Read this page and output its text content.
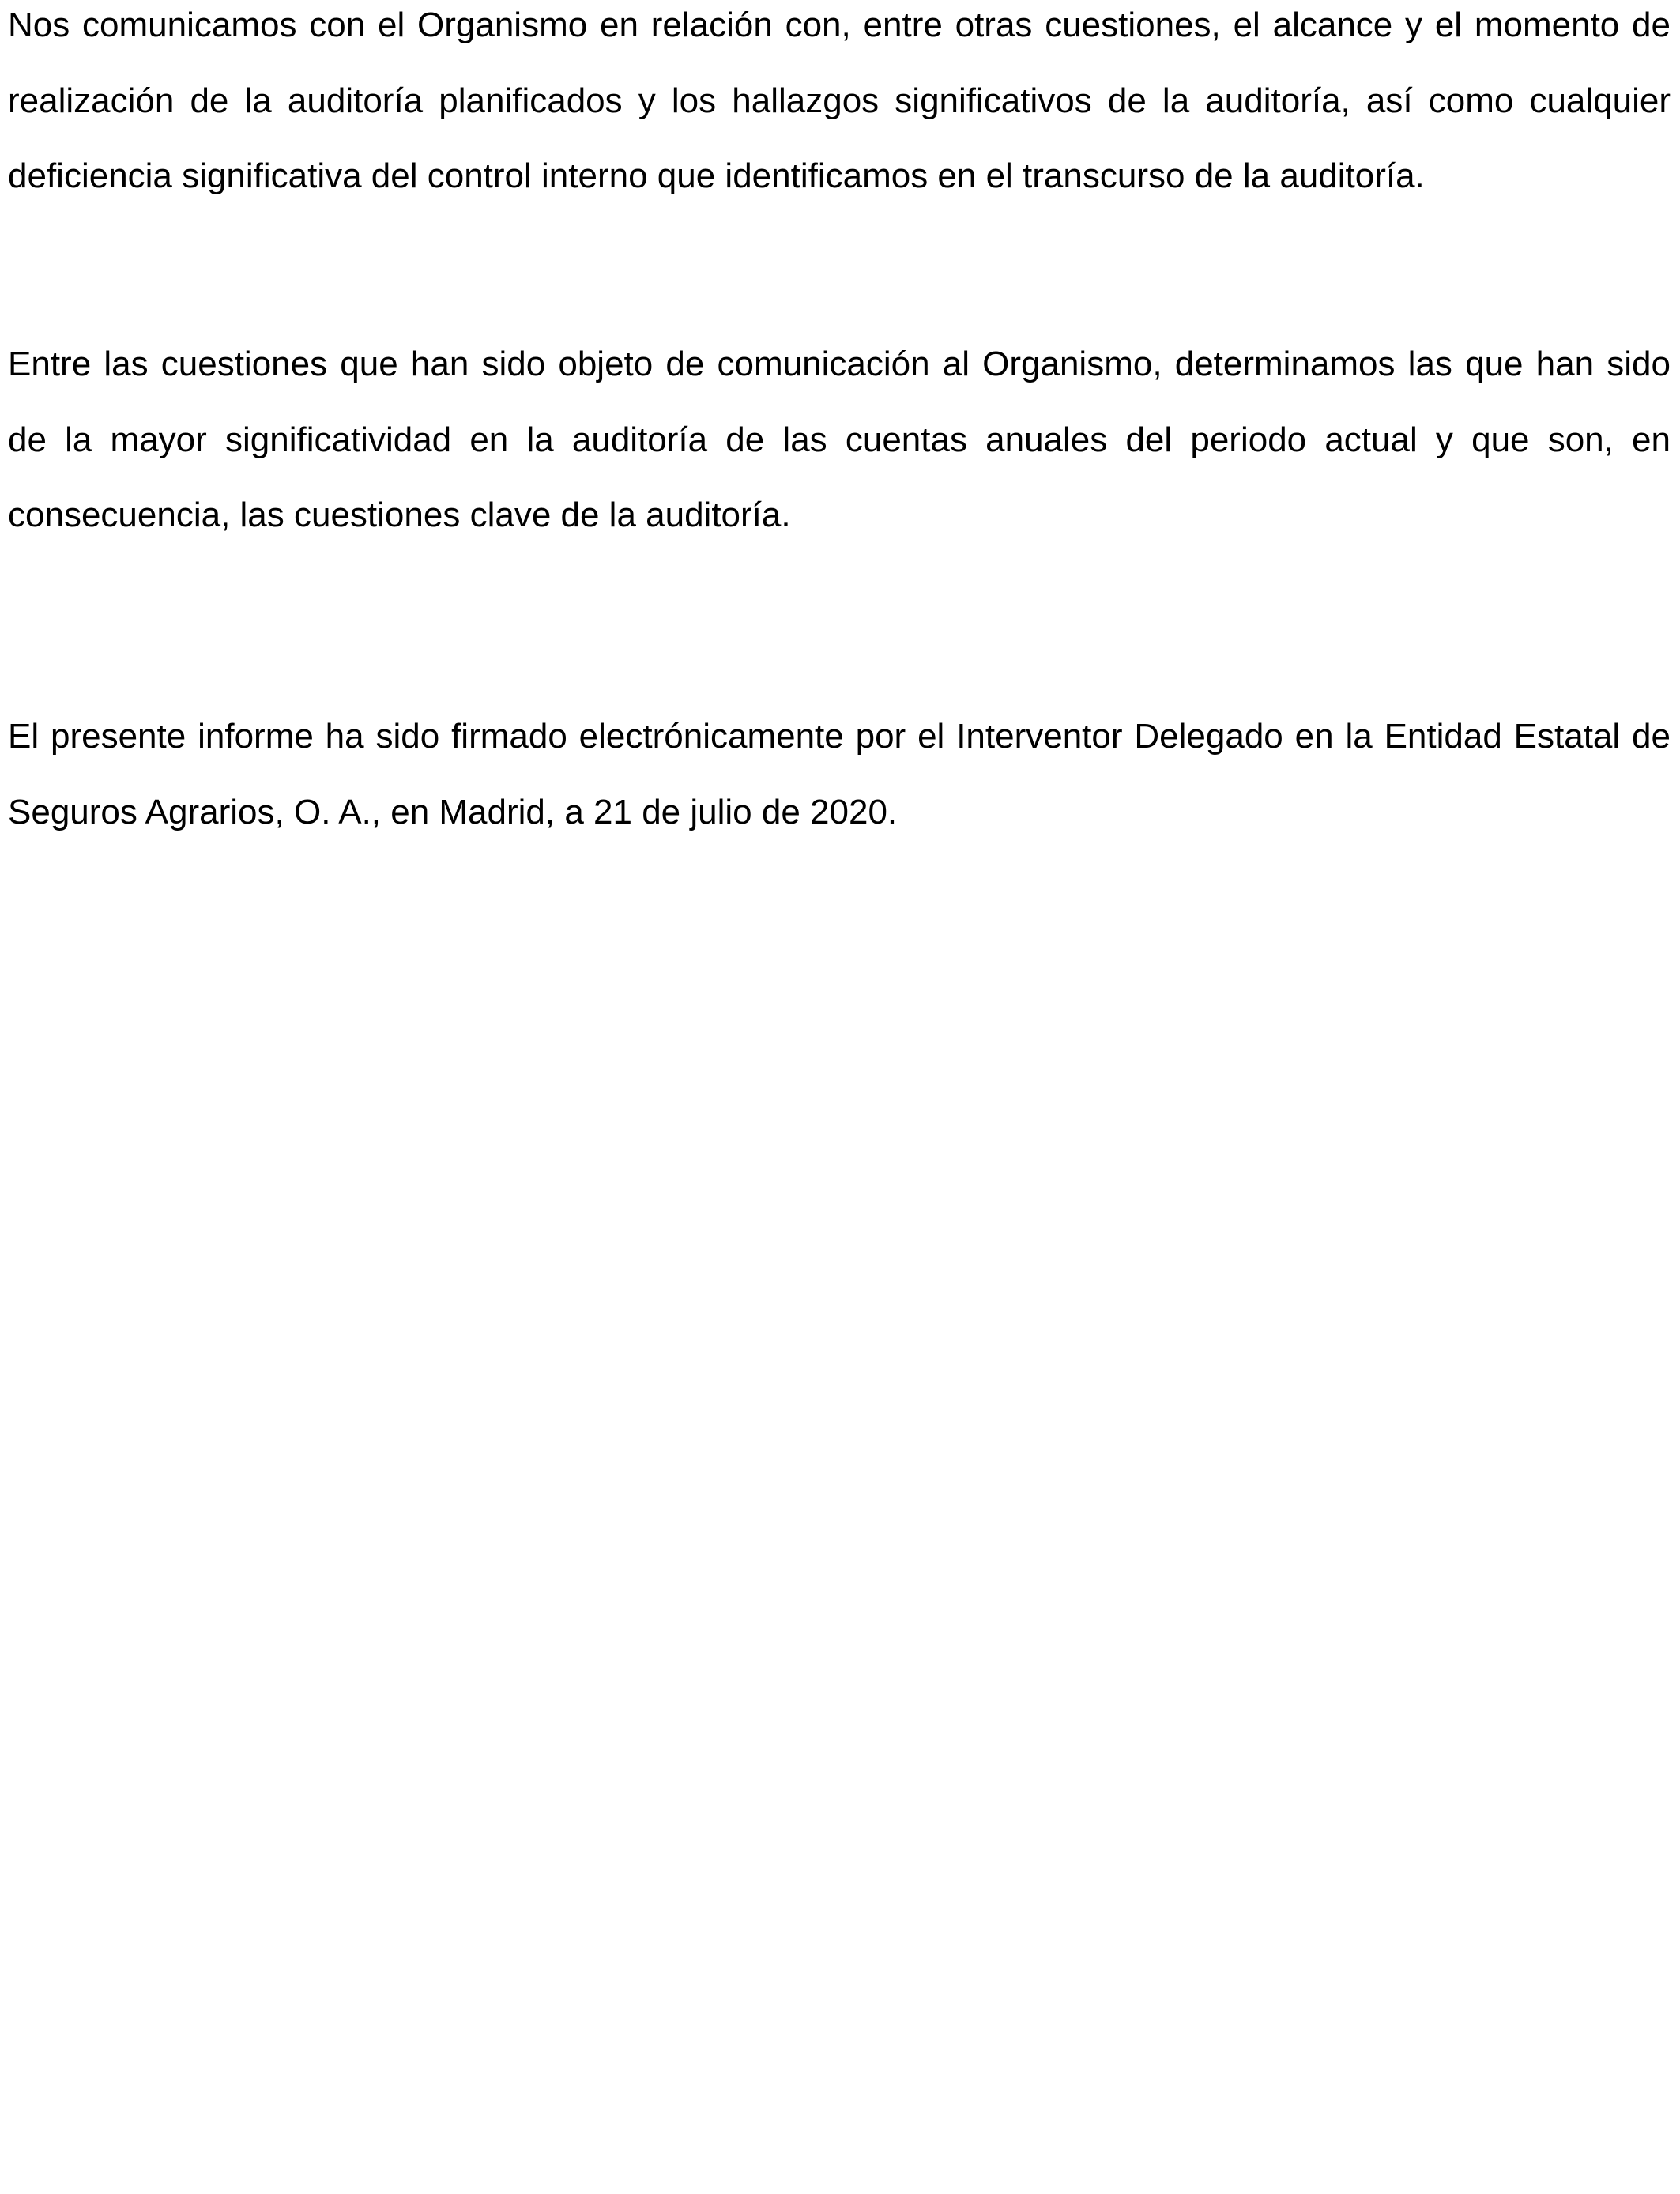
Nos comunicamos con el Organismo en relación con, entre otras cuestiones, el alcance y el momento de realización de la auditoría planificados y los hallazgos significativos de la auditoría, así como cualquier deficiencia significativa del control interno que identificamos en el transcurso de la auditoría.

Entre las cuestiones que han sido objeto de comunicación al Organismo, determinamos las que han sido de la mayor significatividad en la auditoría de las cuentas anuales del periodo actual y que son, en consecuencia, las cuestiones clave de la auditoría.

El presente informe ha sido firmado electrónicamente por el Interventor Delegado en la Entidad Estatal de Seguros Agrarios, O. A., en Madrid, a 21 de julio de 2020.
